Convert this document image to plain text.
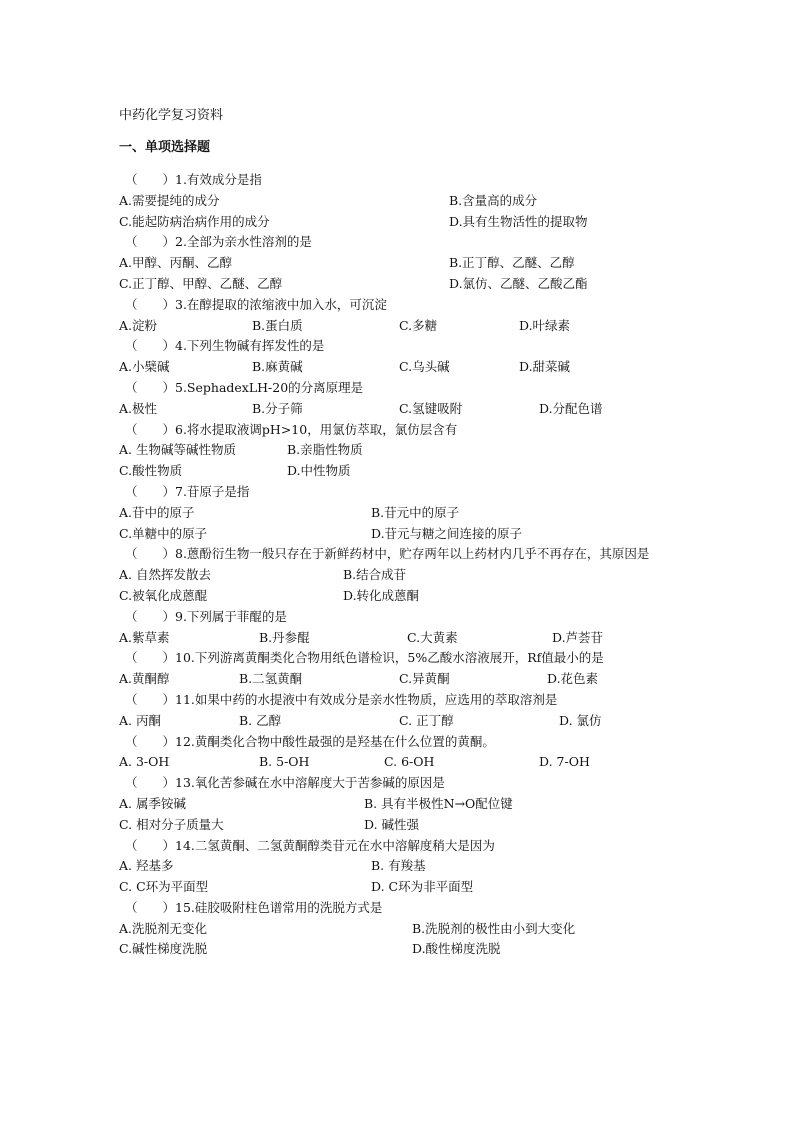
中药化学复习资料
一、单项选择题
（　　）1.有效成分是指
A.需要提纯的成分	B.含量高的成分
C.能起防病治病作用的成分	D.具有生物活性的提取物
（　　）2.全部为亲水性溶剂的是
A.甲醇、丙酮、乙醇	B.正丁醇、乙醚、乙醇
C.正丁醇、甲醇、乙醚、乙醇	D.氯仿、乙醚、乙酸乙酯
（　　）3.在醇提取的浓缩液中加入水，可沉淀
A.淀粉	B.蛋白质	C.多糖	D.叶绿素
（　　）4.下列生物碱有挥发性的是
A.小檗碱	B.麻黄碱	C.乌头碱	D.甜菜碱
（　　）5.SephadexLH-20的分离原理是
A.极性	B.分子筛	C.氢键吸附	D.分配色谱
（　　）6.将水提取液调pH>10，用氯仿萃取，氯仿层含有
A. 生物碱等碱性物质	B.亲脂性物质
C.酸性物质	D.中性物质
（　　）7.苷原子是指
A.苷中的原子	B.苷元中的原子
C.单糖中的原子	D.苷元与糖之间连接的原子
（　　）8.蒽酚衍生物一般只存在于新鲜药材中，贮存两年以上药材内几乎不再存在，其原因是
A. 自然挥发散去	B.结合成苷
C.被氧化成蒽醌	D.转化成蒽酮
（　　）9.下列属于菲醌的是
A.紫草素	B.丹参醌	C.大黄素	D.芦荟苷
（　　）10.下列游离黄酮类化合物用纸色谱检识，5%乙酸水溶液展开，Rf值最小的是
A.黄酮醇	B.二氢黄酮	C.异黄酮	D.花色素
（　　）11.如果中药的水提液中有效成分是亲水性物质，应选用的萃取溶剂是
A. 丙酮	B. 乙醇	C. 正丁醇	D. 氯仿
（　　）12.黄酮类化合物中酸性最强的是羟基在什么位置的黄酮。
A. 3-OH	B. 5-OH	C. 6-OH	D. 7-OH
（　　）13.氧化苦参碱在水中溶解度大于苦参碱的原因是
A. 属季铵碱	B. 具有半极性N→O配位键
C. 相对分子质量大	D. 碱性强
（　　）14.二氢黄酮、二氢黄酮醇类苷元在水中溶解度稍大是因为
A. 羟基多	B. 有羧基
C. C环为平面型	D. C环为非平面型
（　　）15.硅胶吸附柱色谱常用的洗脱方式是
A.洗脱剂无变化	B.洗脱剂的极性由小到大变化
C.碱性梯度洗脱	D.酸性梯度洗脱
